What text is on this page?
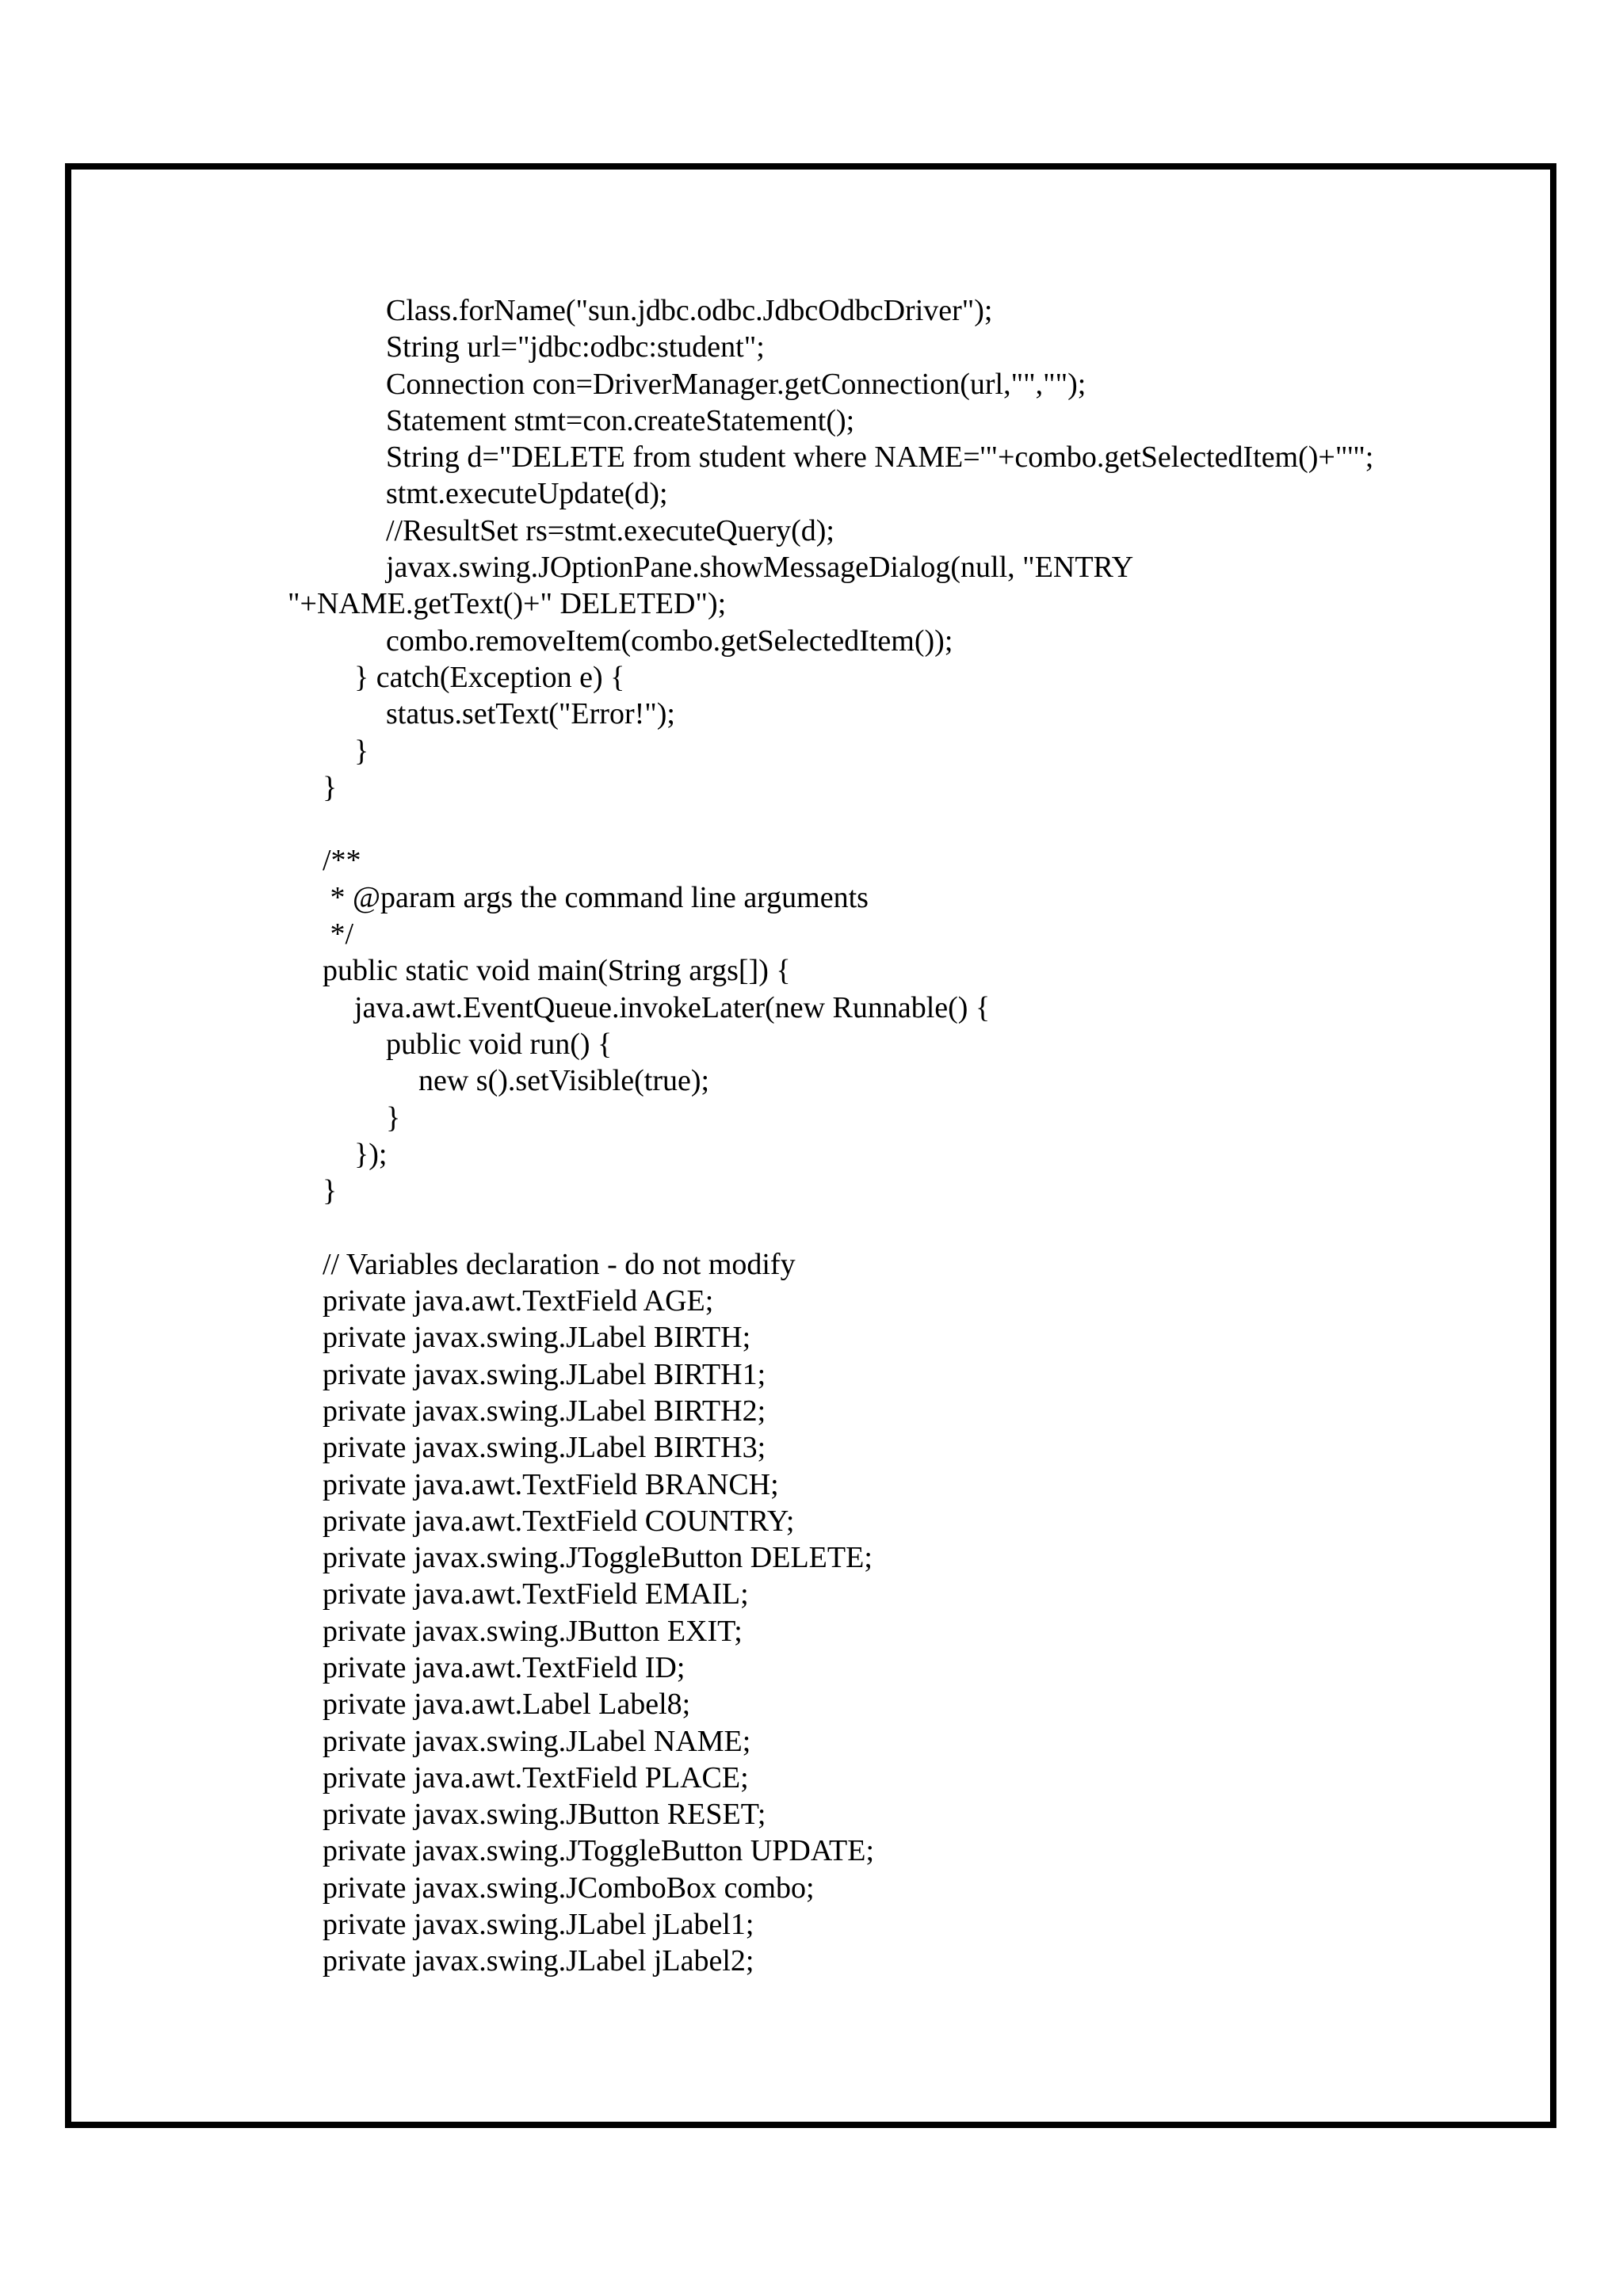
Class.forName("sun.jdbc.odbc.JdbcOdbcDriver");
String url="jdbc:odbc:student";
Connection con=DriverManager.getConnection(url,"","");
Statement stmt=con.createStatement();
String d="DELETE from student where NAME='"+combo.getSelectedItem()+"'";
stmt.executeUpdate(d);
//ResultSet rs=stmt.executeQuery(d);
javax.swing.JOptionPane.showMessageDialog(null, "ENTRY
"+NAME.getText()+" DELETED");
combo.removeItem(combo.getSelectedItem());
} catch(Exception e) {
status.setText("Error!");
}
}
/**
* @param args the command line arguments
*/
public static void main(String args[]) {
java.awt.EventQueue.invokeLater(new Runnable() {
public void run() {
new s().setVisible(true);
}
});
}
// Variables declaration - do not modify
private java.awt.TextField AGE;
private javax.swing.JLabel BIRTH;
private javax.swing.JLabel BIRTH1;
private javax.swing.JLabel BIRTH2;
private javax.swing.JLabel BIRTH3;
private java.awt.TextField BRANCH;
private java.awt.TextField COUNTRY;
private javax.swing.JToggleButton DELETE;
private java.awt.TextField EMAIL;
private javax.swing.JButton EXIT;
private java.awt.TextField ID;
private java.awt.Label Label8;
private javax.swing.JLabel NAME;
private java.awt.TextField PLACE;
private javax.swing.JButton RESET;
private javax.swing.JToggleButton UPDATE;
private javax.swing.JComboBox combo;
private javax.swing.JLabel jLabel1;
private javax.swing.JLabel jLabel2;
